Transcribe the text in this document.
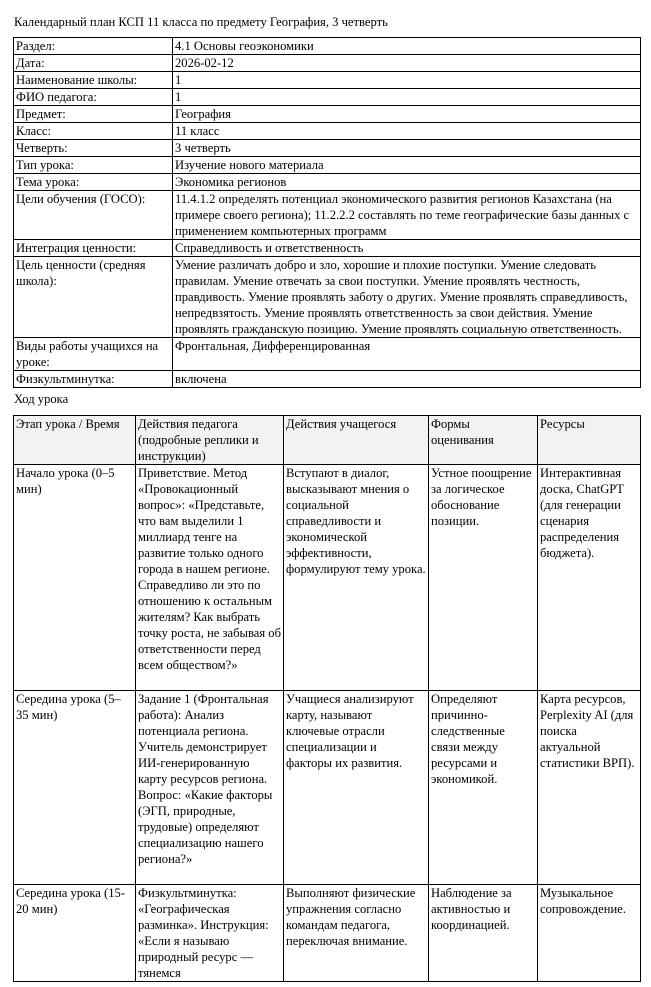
Календарный план КСП 11 класса по предмету География, 3 четверть
Раздел:	4.1 Основы геоэкономики
Дата:	2026-02-12
Наименование школы:	1
ФИО педагога:	1
Предмет:	География
Класс:	11 класс
Четверть:	3 четверть
Тип урока:	Изучение нового материала
Тема урока:	Экономика регионов
Цели обучения (ГОСО):	11.4.1.2 определять потенциал экономического развития регионов Казахстана (на примере своего региона); 11.2.2.2 составлять по теме географические базы данных с применением компьютерных программ
Интеграция ценности:	Справедливость и ответственность
Цель ценности (средняя школа):	Умение различать добро и зло, хорошие и плохие поступки. Умение следовать правилам. Умение отвечать за свои поступки. Умение проявлять честность, правдивость. Умение проявлять заботу о других. Умение проявлять справедливость, непредвзятость. Умение проявлять ответственность за свои действия. Умение проявлять гражданскую позицию. Умение проявлять социальную ответственность.
Виды работы учащихся на уроке:	Фронтальная, Дифференцированная
Физкультминутка:	включена
Ход урока
Этап урока / Время	Действия педагога (подробные реплики и инструкции)	Действия учащегося	Формы оценивания	Ресурсы
Начало урока (0–5 мин)	Приветствие. Метод «Провокационный вопрос»: «Представьте, что вам выделили 1 миллиард тенге на развитие только одного города в нашем регионе. Справедливо ли это по отношению к остальным жителям? Как выбрать точку роста, не забывая об ответственности перед всем обществом?»	Вступают в диалог, высказывают мнения о социальной справедливости и экономической эффективности, формулируют тему урока.	Устное поощрение за логическое обоснование позиции.	Интерактивная доска, ChatGPT (для генерации сценария распределения бюджета).
Середина урока (5–35 мин)	Задание 1 (Фронтальная работа): Анализ потенциала региона. Учитель демонстрирует ИИ-генерированную карту ресурсов региона. Вопрос: «Какие факторы (ЭГП, природные, трудовые) определяют специализацию нашего региона?»	Учащиеся анализируют карту, называют ключевые отрасли специализации и факторы их развития.	Определяют причинно-следственные связи между ресурсами и экономикой.	Карта ресурсов, Perplexity AI (для поиска актуальной статистики ВРП).
Середина урока (15-20 мин)	Физкультминутка: «Географическая разминка». Инструкция: «Если я называю природный ресурс — тянемся	Выполняют физические упражнения согласно командам педагога, переключая внимание.	Наблюдение за активностью и координацией.	Музыкальное сопровождение.
